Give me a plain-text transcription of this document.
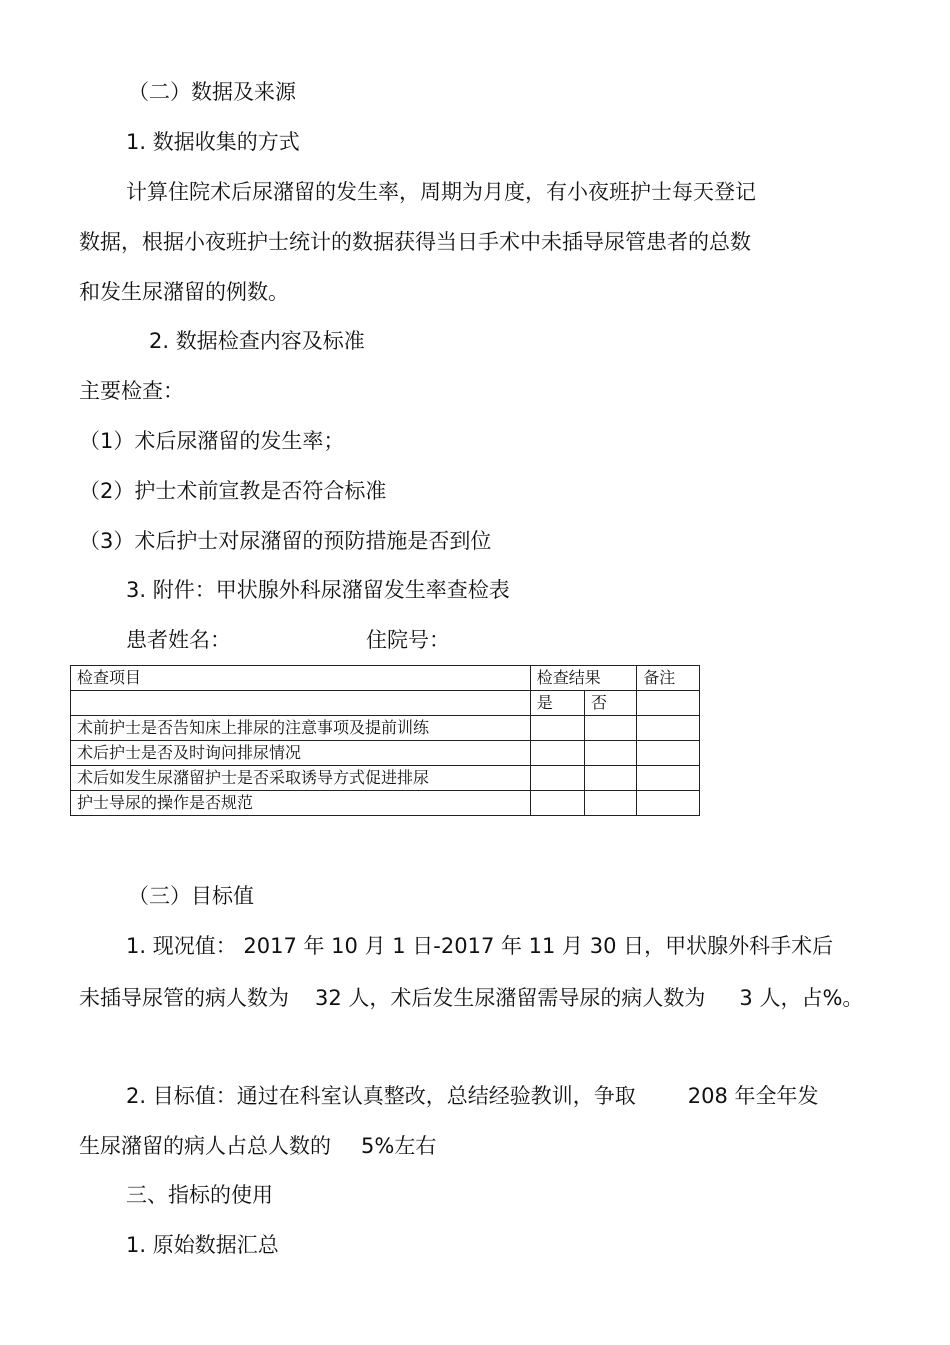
（二）数据及来源
1. 数据收集的方式
计算住院术后尿潴留的发生率，周期为月度，有小夜班护士每天登记
数据，根据小夜班护士统计的数据获得当日手术中未插导尿管患者的总数
和发生尿潴留的例数。
2. 数据检查内容及标准
主要检查：
（1）术后尿潴留的发生率；
（2）护士术前宣教是否符合标准
（3）术后护士对尿潴留的预防措施是否到位
3. 附件：甲状腺外科尿潴留发生率查检表
患者姓名：	住院号：
检查项目	检查结果		备注
	是	否	
术前护士是否告知床上排尿的注意事项及提前训练			
术后护士是否及时询问排尿情况			
术后如发生尿潴留护士是否采取诱导方式促进排尿			
护士导尿的操作是否规范			
（三）目标值
1. 现况值： 2017 年 10 月 1 日-2017 年 11 月 30 日，甲状腺外科手术后
未插导尿管的病人数为 32 人，术后发生尿潴留需导尿的病人数为 3 人，占%。
2. 目标值：通过在科室认真整改，总结经验教训，争取 208 年全年发
生尿潴留的病人占总人数的 5%左右
三、指标的使用
1. 原始数据汇总
